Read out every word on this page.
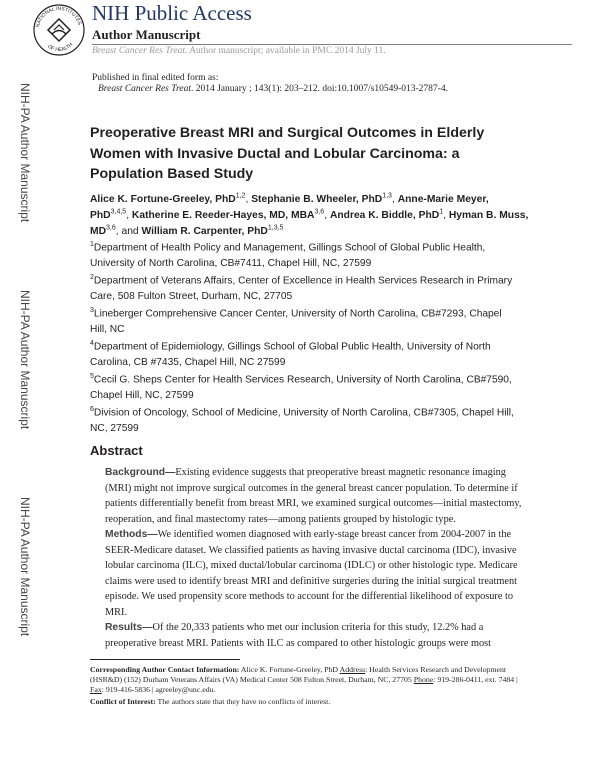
NATIONAL INSTITUTES
OF HEALTH
NIH Public Access
Author Manuscript
Breast Cancer Res Treat. Author manuscript; available in PMC 2014 July 11.
Published in final edited form as:
Breast Cancer Res Treat. 2014 January ; 143(1): 203–212. doi:10.1007/s10549-013-2787-4.
NIH-PA Author Manuscript
NIH-PA Author Manuscript
NIH-PA Author Manuscript
Preoperative Breast MRI and Surgical Outcomes in Elderly Women with Invasive Ductal and Lobular Carcinoma: a Population Based Study
Alice K. Fortune-Greeley, PhD$^{1,2}$, Stephanie B. Wheeler, PhD$^{1,3}$, Anne-Marie Meyer, PhD$^{3,4,5}$, Katherine E. Reeder-Hayes, MD, MBA$^{3,6}$, Andrea K. Biddle, PhD$^1$, Hyman B. Muss, MD$^{3,6}$, and William R. Carpenter, PhD$^{1,3,5}$
$^1$Department of Health Policy and Management, Gillings School of Global Public Health, University of North Carolina, CB#7411, Chapel Hill, NC, 27599
$^2$Department of Veterans Affairs, Center of Excellence in Health Services Research in Primary Care, 508 Fulton Street, Durham, NC, 27705
$^3$Lineberger Comprehensive Cancer Center, University of North Carolina, CB#7293, Chapel Hill, NC
$^4$Department of Epidemiology, Gillings School of Global Public Health, University of North Carolina, CB #7435, Chapel Hill, NC 27599
$^5$Cecil G. Sheps Center for Health Services Research, University of North Carolina, CB#7590, Chapel Hill, NC, 27599
$^6$Division of Oncology, School of Medicine, University of North Carolina, CB#7305, Chapel Hill, NC, 27599
Abstract
Background—Existing evidence suggests that preoperative breast magnetic resonance imaging (MRI) might not improve surgical outcomes in the general breast cancer population. To determine if patients differentially benefit from breast MRI, we examined surgical outcomes—initial mastectomy, reoperation, and final mastectomy rates—among patients grouped by histologic type.
Methods—We identified women diagnosed with early-stage breast cancer from 2004-2007 in the SEER-Medicare dataset. We classified patients as having invasive ductal carcinoma (IDC), invasive lobular carcinoma (ILC), mixed ductal/lobular carcinoma (IDLC) or other histologic type. Medicare claims were used to identify breast MRI and definitive surgeries during the initial surgical treatment episode. We used propensity score methods to account for the differential likelihood of exposure to MRI.
Results—Of the 20,333 patients who met our inclusion criteria for this study, 12.2% had a preoperative breast MRI. Patients with ILC as compared to other histologic groups were most
Corresponding Author Contact Information: Alice K. Fortune-Greeley, PhD Address: Health Services Research and Development (HSR&D) (152) Durham Veterans Affairs (VA) Medical Center 508 Fulton Street, Durham, NC, 27705 Phone: 919-286-0411, ext. 7484 | Fax: 919-416-5836 | agreeley@unc.edu.
Conflict of Interest: The authors state that they have no conflicts of interest.
